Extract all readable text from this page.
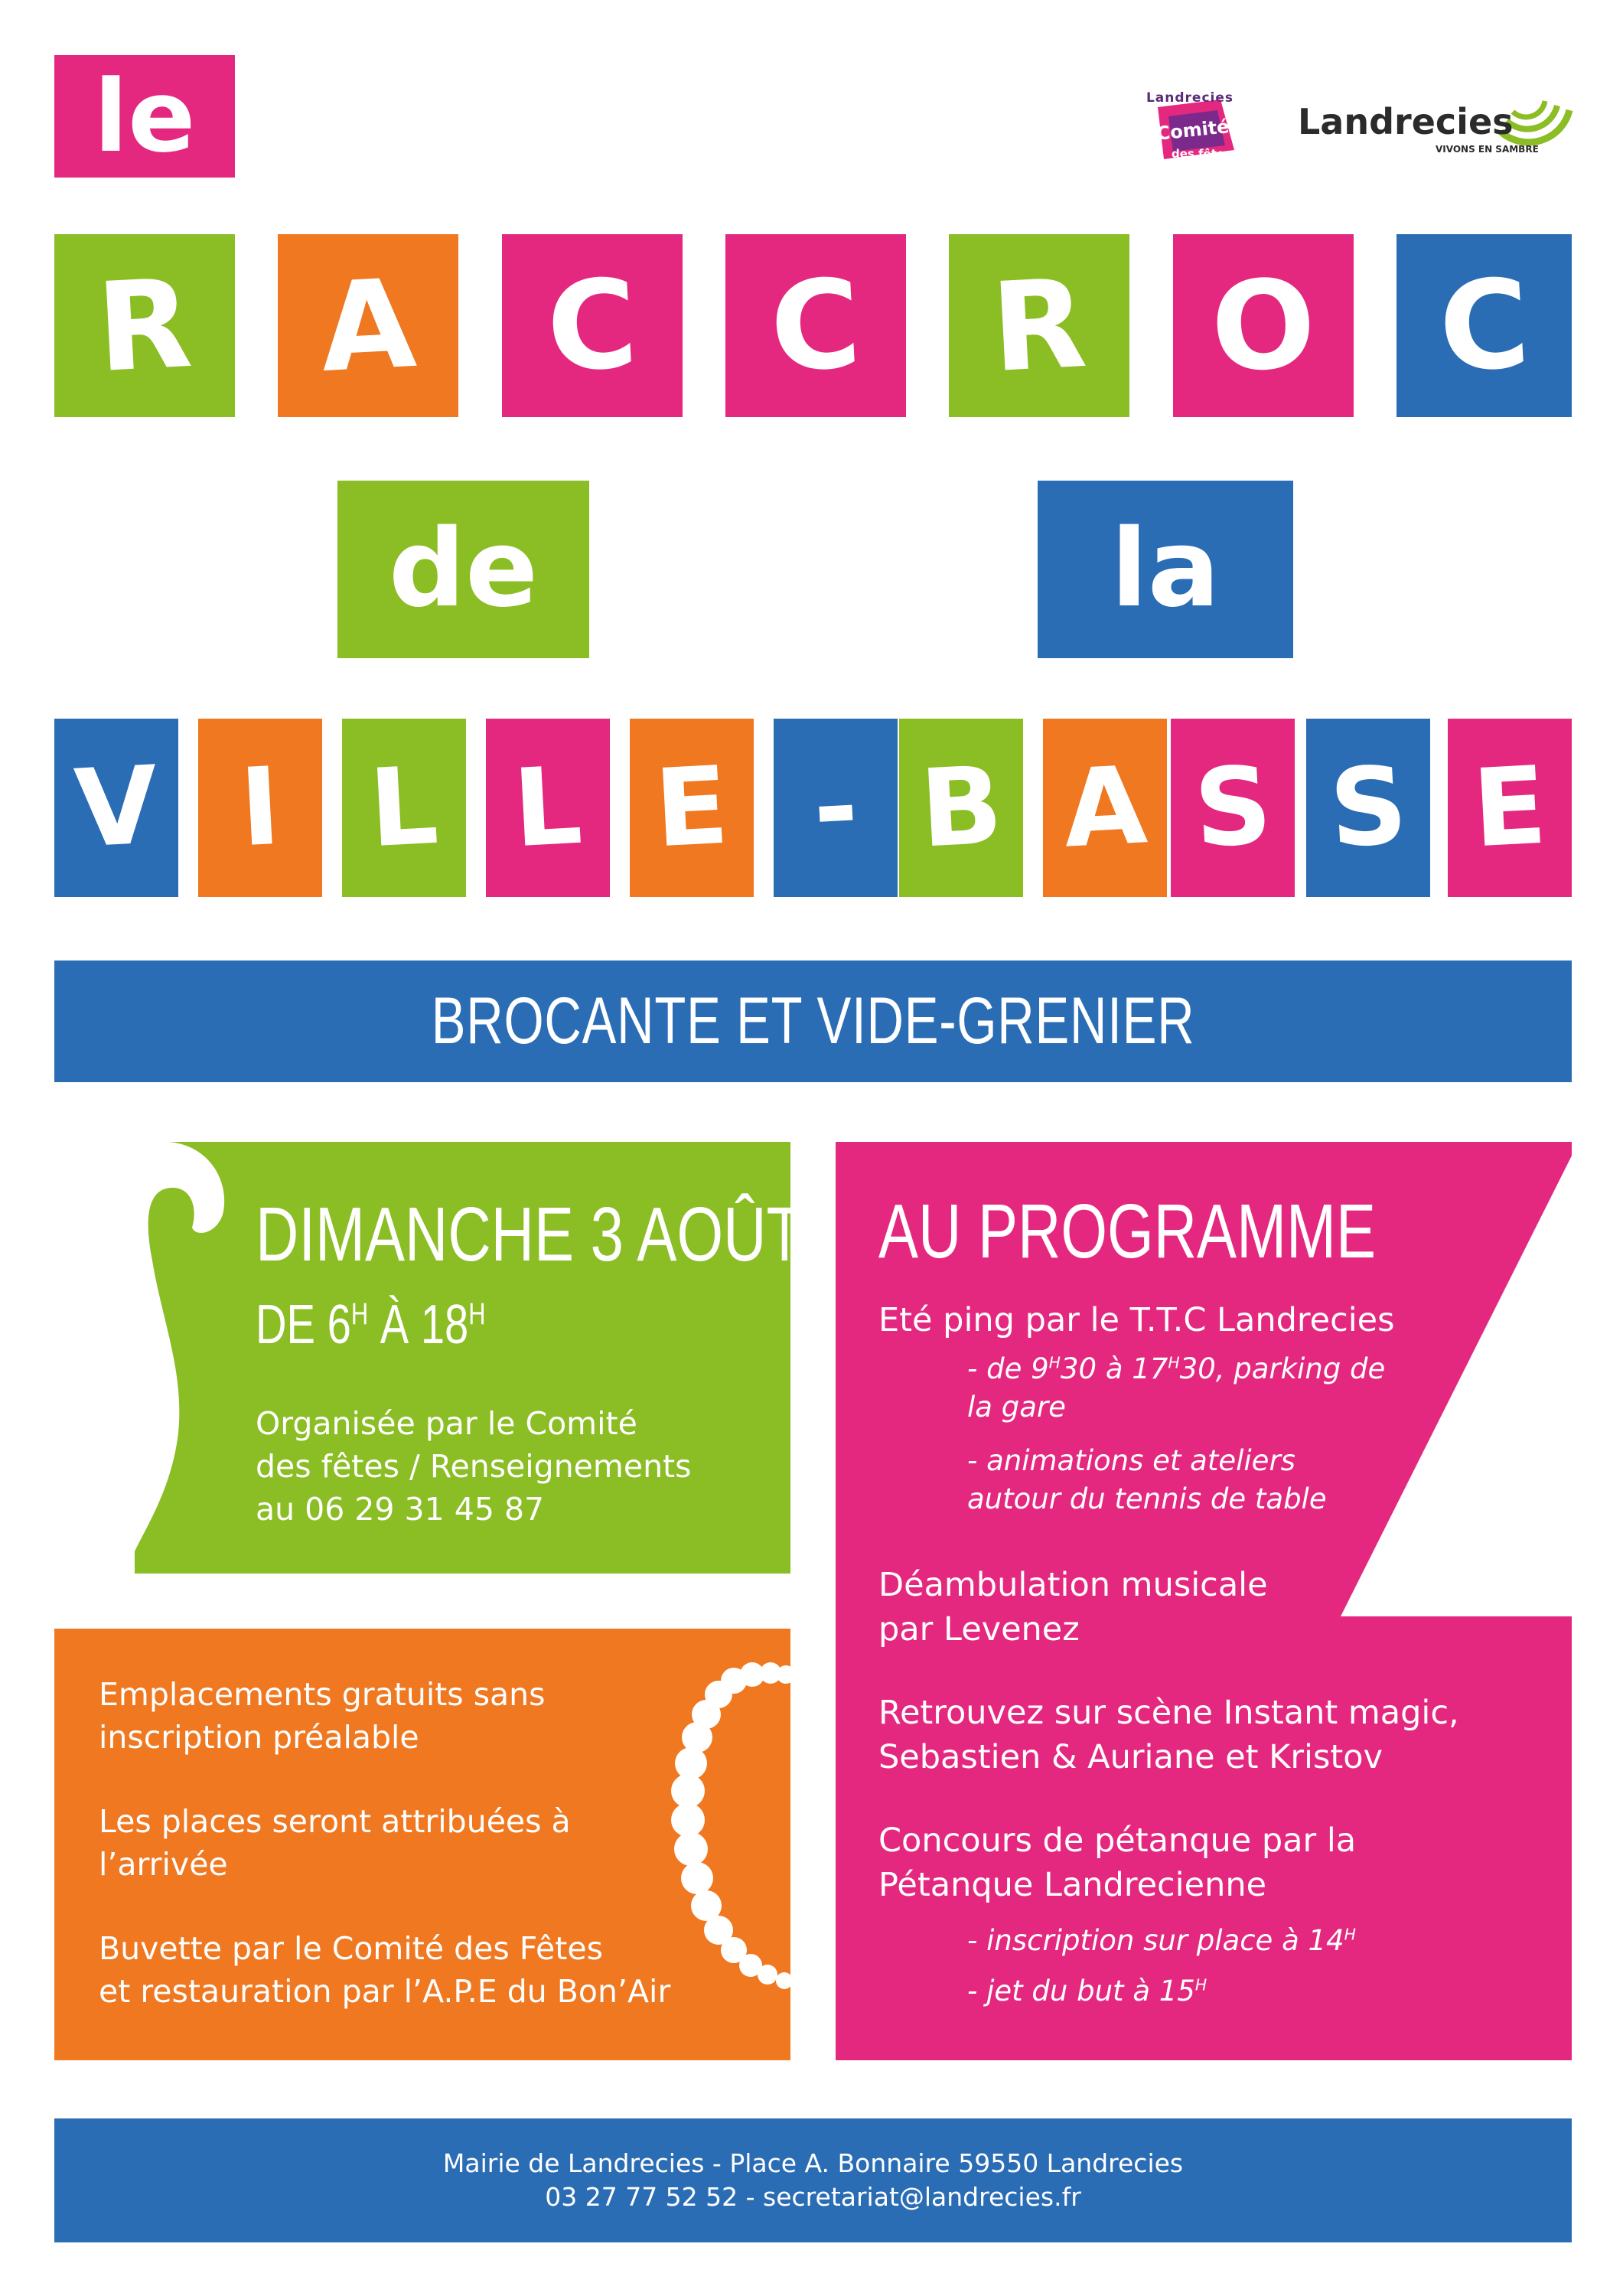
le
R A C C R O C
de	la
V I L L E - B A S S E
Landrecies
Comité
des fêtes
Landrecies
VIVONS EN SAMBRE
BROCANTE ET VIDE-GRENIER
DIMANCHE 3 AOÛT
DE $6^H$ À $18^H$
Organisée par le Comité
des fêtes / Renseignements
au 06 29 31 45 87
Emplacements gratuits sans
inscription préalable
Les places seront attribuées à
l’arrivée
Buvette par le Comité des Fêtes
et restauration par l’A.P.E du Bon’Air
AU PROGRAMME
Eté ping par le T.T.C Landrecies
- de $9^H30$ à $17^H30$, parking de
la gare
- animations et ateliers
autour du tennis de table
Déambulation musicale
par Levenez
Retrouvez sur scène Instant magic,
Sebastien & Auriane et Kristov
Concours de pétanque par la
Pétanque Landrecienne
- inscription sur place à $14^H$
- jet du but à $15^H$
Mairie de Landrecies - Place A. Bonnaire 59550 Landrecies
03 27 77 52 52 - secretariat@landrecies.fr
